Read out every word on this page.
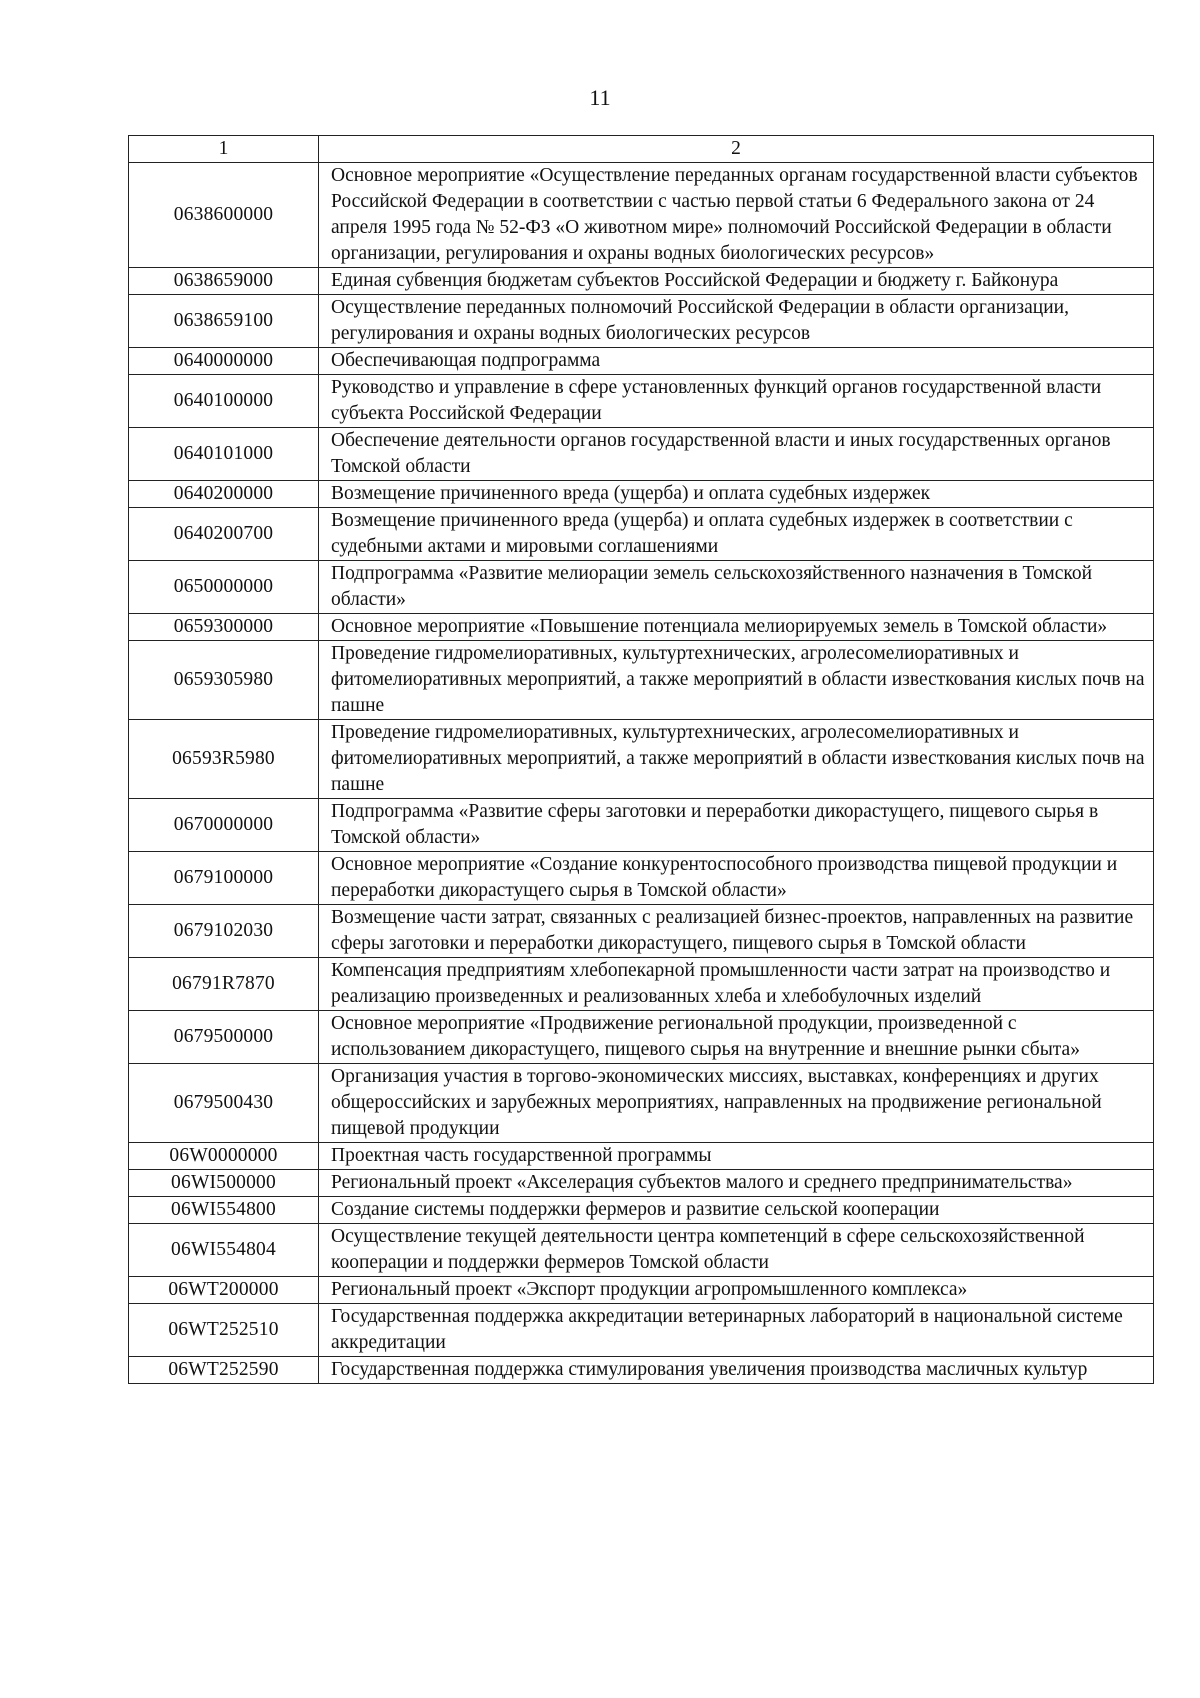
11
1	2
0638600000	Основное мероприятие «Осуществление переданных органам государственной власти субъектов Российской Федерации в соответствии с частью первой статьи 6 Федерального закона от 24 апреля 1995 года № 52-ФЗ «О животном мире» полномочий Российской Федерации в области организации, регулирования и охраны водных биологических ресурсов»
0638659000	Единая субвенция бюджетам субъектов Российской Федерации и бюджету г. Байконура
0638659100	Осуществление переданных полномочий Российской Федерации в области организации, регулирования и охраны водных биологических ресурсов
0640000000	Обеспечивающая подпрограмма
0640100000	Руководство и управление в сфере установленных функций органов государственной власти субъекта Российской Федерации
0640101000	Обеспечение деятельности органов государственной власти и иных государственных органов Томской области
0640200000	Возмещение причиненного вреда (ущерба) и оплата судебных издержек
0640200700	Возмещение причиненного вреда (ущерба) и оплата судебных издержек в соответствии с судебными актами и мировыми соглашениями
0650000000	Подпрограмма «Развитие мелиорации земель сельскохозяйственного назначения в Томской области»
0659300000	Основное мероприятие «Повышение потенциала мелиорируемых земель в Томской области»
0659305980	Проведение гидромелиоративных, культуртехнических, агролесомелиоративных и фитомелиоративных мероприятий, а также мероприятий в области известкования кислых почв на пашне
06593R5980	Проведение гидромелиоративных, культуртехнических, агролесомелиоративных и фитомелиоративных мероприятий, а также мероприятий в области известкования кислых почв на пашне
0670000000	Подпрограмма «Развитие сферы заготовки и переработки дикорастущего, пищевого сырья в Томской области»
0679100000	Основное мероприятие «Создание конкурентоспособного производства пищевой продукции и переработки дикорастущего сырья в Томской области»
0679102030	Возмещение части затрат, связанных с реализацией бизнес-проектов, направленных на развитие сферы заготовки и переработки дикорастущего, пищевого сырья в Томской области
06791R7870	Компенсация предприятиям хлебопекарной промышленности части затрат на производство и реализацию произведенных и реализованных хлеба и хлебобулочных изделий
0679500000	Основное мероприятие «Продвижение региональной продукции, произведенной с использованием дикорастущего, пищевого сырья на внутренние и внешние рынки сбыта»
0679500430	Организация участия в торгово-экономических миссиях, выставках, конференциях и других общероссийских и зарубежных мероприятиях, направленных на продвижение региональной пищевой продукции
06W0000000	Проектная часть государственной программы
06WI500000	Региональный проект «Акселерация субъектов малого и среднего предпринимательства»
06WI554800	Создание системы поддержки фермеров и развитие сельской кооперации
06WI554804	Осуществление текущей деятельности центра компетенций в сфере сельскохозяйственной кооперации и поддержки фермеров Томской области
06WT200000	Региональный проект «Экспорт продукции агропромышленного комплекса»
06WT252510	Государственная поддержка аккредитации ветеринарных лабораторий в национальной системе аккредитации
06WT252590	Государственная поддержка стимулирования увеличения производства масличных культур
